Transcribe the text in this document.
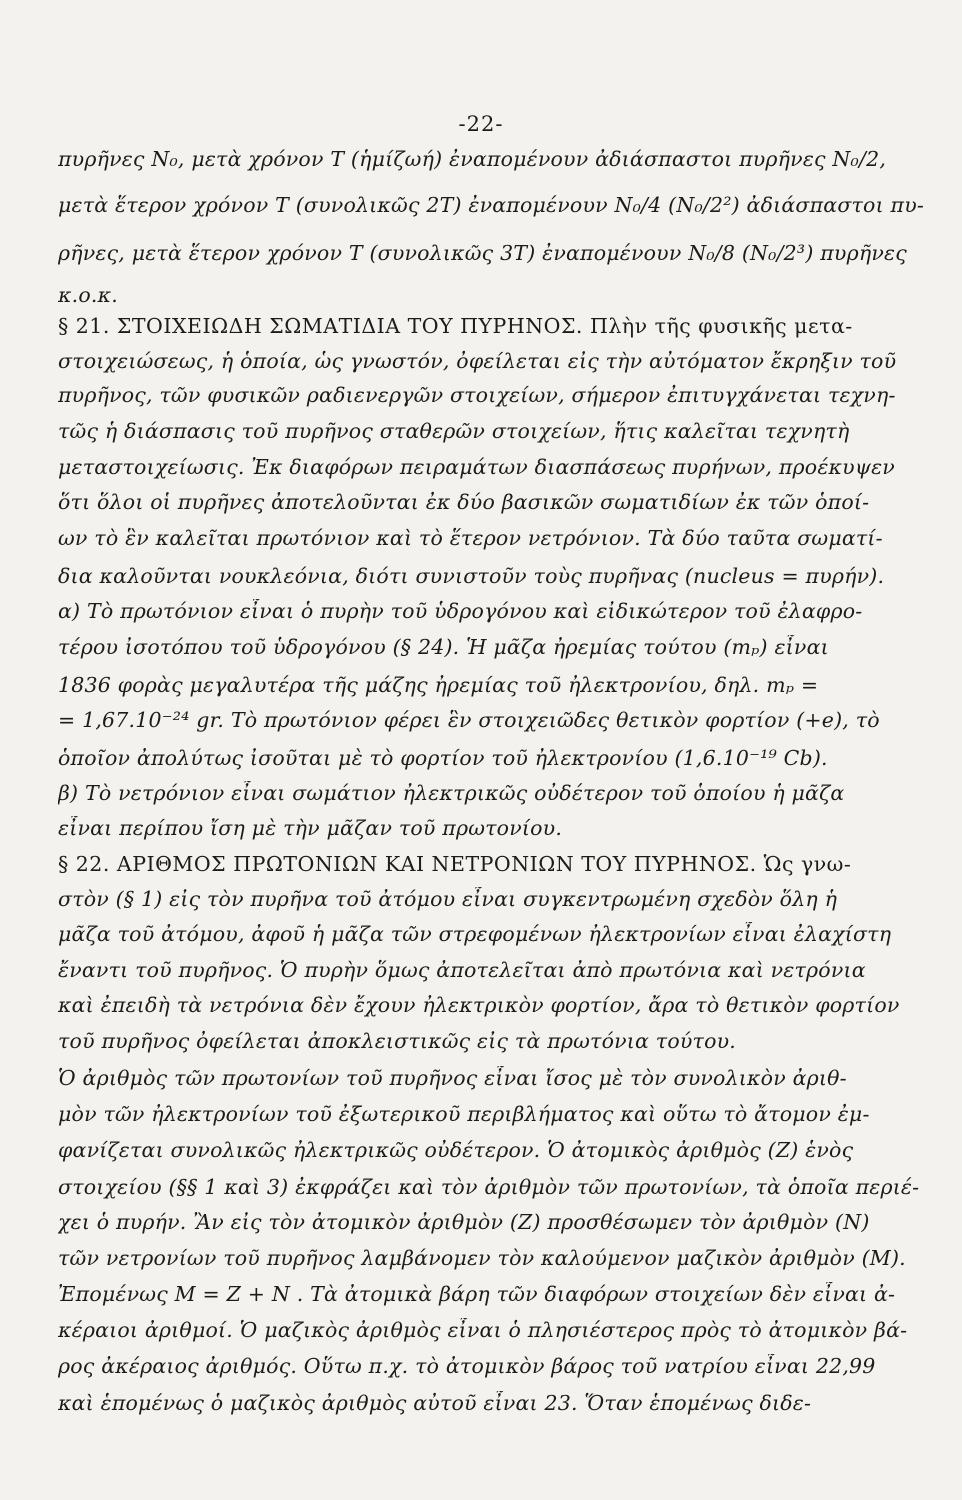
-22-
πυρῆνες Ν₀, μετὰ χρόνον Τ (ἡμίζωή) ἐναπομένουν ἀδιάσπαστοι πυρῆνες Ν₀/2,
μετὰ ἕτερον χρόνον Τ (συνολικῶς 2Τ) ἐναπομένουν Ν₀/4 (Ν₀/2²) ἀδιάσπαστοι πυ-
ρῆνες, μετὰ ἕτερον χρόνον Τ (συνολικῶς 3Τ) ἐναπομένουν Ν₀/8 (Ν₀/2³) πυρῆνες
κ.ο.κ.
§ 21. ΣΤΟΙΧΕΙΩΔΗ ΣΩΜΑΤΙΔΙΑ ΤΟΥ ΠΥΡΗΝΟΣ. Πλὴν τῆς φυσικῆς μετα-
στοιχειώσεως, ἡ ὁποία, ὡς γνωστόν, ὀφείλεται εἰς τὴν αὐτόματον ἔκρηξιν τοῦ
πυρῆνος, τῶν φυσικῶν ραδιενεργῶν στοιχείων, σήμερον ἐπιτυγχάνεται τεχνη-
τῶς ἡ διάσπασις τοῦ πυρῆνος σταθερῶν στοιχείων, ἥτις καλεῖται τεχνητὴ
μεταστοιχείωσις. Ἐκ διαφόρων πειραμάτων διασπάσεως πυρήνων, προέκυψεν
ὅτι ὅλοι οἱ πυρῆνες ἀποτελοῦνται ἐκ δύο βασικῶν σωματιδίων ἐκ τῶν ὁποί-
ων τὸ ἓν καλεῖται πρωτόνιον καὶ τὸ ἕτερον νετρόνιον. Τὰ δύο ταῦτα σωματί-
δια καλοῦνται νουκλεόνια, διότι συνιστοῦν τοὺς πυρῆνας (nucleus = πυρήν).
α) Τὸ πρωτόνιον εἶναι ὁ πυρὴν τοῦ ὑδρογόνου καὶ εἰδικώτερον τοῦ ἐλαφρο-
τέρου ἰσοτόπου τοῦ ὑδρογόνου (§ 24). Ἡ μᾶζα ἠρεμίας τούτου (mₚ) εἶναι
1836 φορὰς μεγαλυτέρα τῆς μάζης ἠρεμίας τοῦ ἠλεκτρονίου, δηλ. mₚ =
= 1,67.10⁻²⁴ gr. Τὸ πρωτόνιον φέρει ἓν στοιχειῶδες θετικὸν φορτίον (+e), τὸ
ὁποῖον ἀπολύτως ἰσοῦται μὲ τὸ φορτίον τοῦ ἠλεκτρονίου (1,6.10⁻¹⁹ Cb).
β) Τὸ νετρόνιον εἶναι σωμάτιον ἠλεκτρικῶς οὐδέτερον τοῦ ὁποίου ἡ μᾶζα
εἶναι περίπου ἴση μὲ τὴν μᾶζαν τοῦ πρωτονίου.
§ 22. ΑΡΙΘΜΟΣ ΠΡΩΤΟΝΙΩΝ ΚΑΙ ΝΕΤΡΟΝΙΩΝ ΤΟΥ ΠΥΡΗΝΟΣ. Ὡς γνω-
στὸν (§ 1) εἰς τὸν πυρῆνα τοῦ ἀτόμου εἶναι συγκεντρωμένη σχεδὸν ὅλη ἡ
μᾶζα τοῦ ἀτόμου, ἀφοῦ ἡ μᾶζα τῶν στρεφομένων ἠλεκτρονίων εἶναι ἐλαχίστη
ἔναντι τοῦ πυρῆνος. Ὁ πυρὴν ὅμως ἀποτελεῖται ἀπὸ πρωτόνια καὶ νετρόνια
καὶ ἐπειδὴ τὰ νετρόνια δὲν ἔχουν ἠλεκτρικὸν φορτίον, ἄρα τὸ θετικὸν φορτίον
τοῦ πυρῆνος ὀφείλεται ἀποκλειστικῶς εἰς τὰ πρωτόνια τούτου.
Ὁ ἀριθμὸς τῶν πρωτονίων τοῦ πυρῆνος εἶναι ἴσος μὲ τὸν συνολικὸν ἀριθ-
μὸν τῶν ἠλεκτρονίων τοῦ ἐξωτερικοῦ περιβλήματος καὶ οὕτω τὸ ἄτομον ἐμ-
φανίζεται συνολικῶς ἠλεκτρικῶς οὐδέτερον. Ὁ ἀτομικὸς ἀριθμὸς (Ζ) ἑνὸς
στοιχείου (§§ 1 καὶ 3) ἐκφράζει καὶ τὸν ἀριθμὸν τῶν πρωτονίων, τὰ ὁποῖα περιέ-
χει ὁ πυρήν. Ἂν εἰς τὸν ἀτομικὸν ἀριθμὸν (Ζ) προσθέσωμεν τὸν ἀριθμὸν (Ν)
τῶν νετρονίων τοῦ πυρῆνος λαμβάνομεν τὸν καλούμενον μαζικὸν ἀριθμὸν (Μ).
Ἐπομένως M = Z + N . Τὰ ἀτομικὰ βάρη τῶν διαφόρων στοιχείων δὲν εἶναι ἀ-
κέραιοι ἀριθμοί. Ὁ μαζικὸς ἀριθμὸς εἶναι ὁ πλησιέστερος πρὸς τὸ ἀτομικὸν βά-
ρος ἀκέραιος ἀριθμός. Οὕτω π.χ. τὸ ἀτομικὸν βάρος τοῦ νατρίου εἶναι 22,99
καὶ ἑπομένως ὁ μαζικὸς ἀριθμὸς αὐτοῦ εἶναι 23. Ὅταν ἑπομένως διδε-
